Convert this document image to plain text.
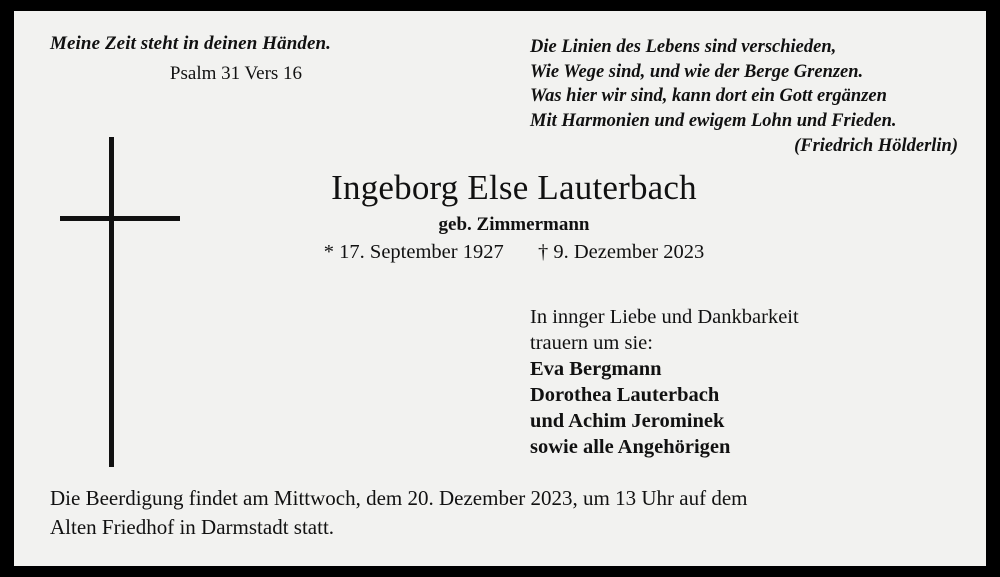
Meine Zeit steht in deinen Händen.
Psalm 31 Vers 16
Die Linien des Lebens sind verschieden,
Wie Wege sind, und wie der Berge Grenzen.
Was hier wir sind, kann dort ein Gott ergänzen
Mit Harmonien und ewigem Lohn und Frieden.
(Friedrich Hölderlin)
Ingeborg Else Lauterbach
geb. Zimmermann
* 17. September 1927 † 9. Dezember 2023
In innger Liebe und Dankbarkeit
trauern um sie:
Eva Bergmann
Dorothea Lauterbach
und Achim Jerominek
sowie alle Angehörigen
Die Beerdigung findet am Mittwoch, dem 20. Dezember 2023, um 13 Uhr auf dem
Alten Friedhof in Darmstadt statt.
